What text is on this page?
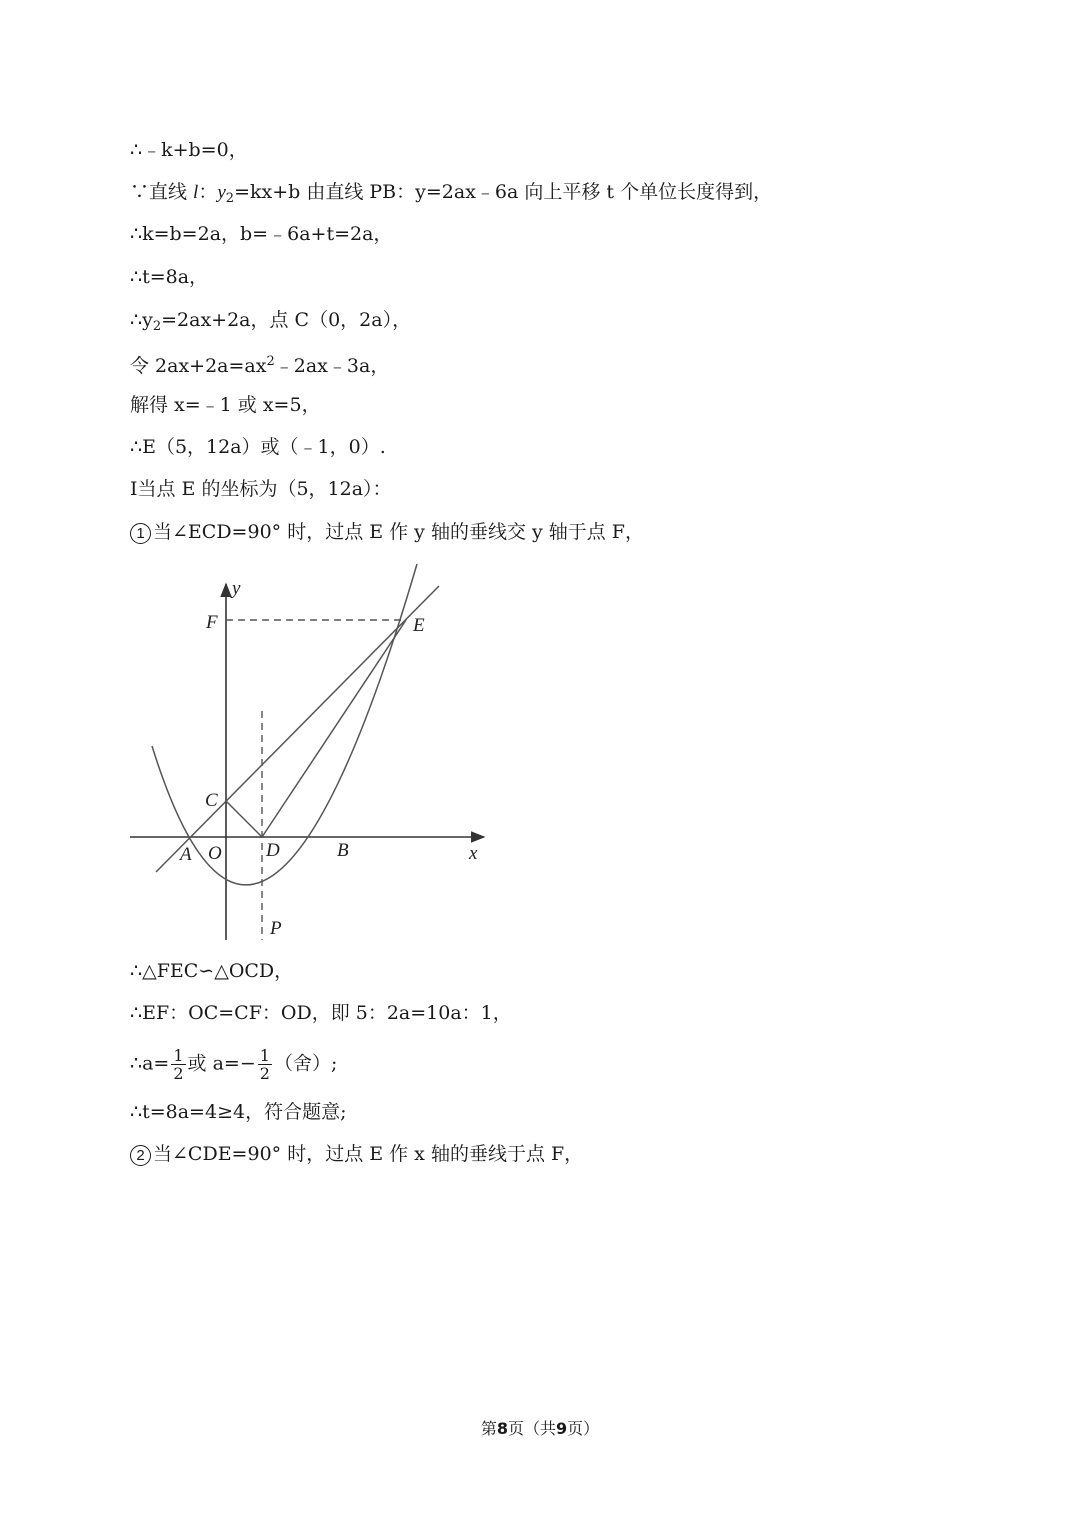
∴﹣k+b=0，
∵直线 l：$y_2=kx+b$ 由直线 PB：y=2ax﹣6a 向上平移 t 个单位长度得到，
∴k=b=2a，b=﹣6a+t=2a，
∴t=8a，
$\therefore y_2=2ax+2a$，点 C（0，2a），
令 $2ax+2a=ax^2﹣2ax﹣3a$，
解得 x=﹣1 或 x=5，
∴E（5，12a）或（﹣1，0）.
Ⅰ当点 E 的坐标为（5，12a）：
1 当∠ECD=90° 时，过点 E 作 y 轴的垂线交 y 轴于点 F，
y
x
F	E
C
A O D	B
P
∴△FEC∽△OCD，
∴EF：OC=CF：OD，即 5：2a=10a：1，
∴a= $\frac{1}{2}$ 或 $a=- \frac{1}{2}$ （舍）;
∴t=8a=4≥4，符合题意;
2 当∠CDE=90° 时，过点 E 作 x 轴的垂线于点 F，
第8页（共9页）
